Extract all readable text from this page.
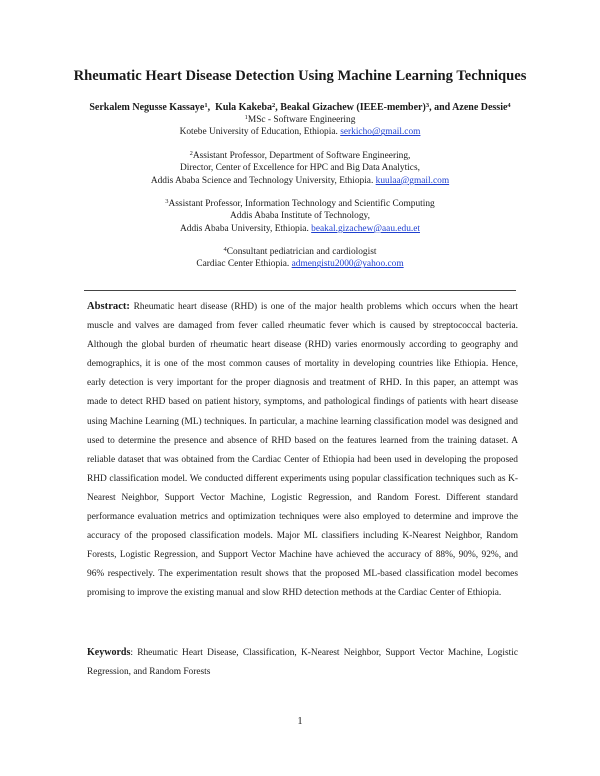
Rheumatic Heart Disease Detection Using Machine Learning Techniques
Serkalem Negusse Kassaye$^1$,  Kula Kakeba$^2$, Beakal Gizachew (IEEE-member)$^3$, and Azene Dessie$^4$
$^1$MSc - Software Engineering
Kotebe University of Education, Ethiopia. serkicho@gmail.com
$^2$Assistant Professor, Department of Software Engineering,
Director, Center of Excellence for HPC and Big Data Analytics,
Addis Ababa Science and Technology University, Ethiopia. kuulaa@gmail.com
$^3$Assistant Professor, Information Technology and Scientific Computing
Addis Ababa Institute of Technology,
Addis Ababa University, Ethiopia. beakal.gizachew@aau.edu.et
$^4$Consultant pediatrician and cardiologist
Cardiac Center Ethiopia. admengistu2000@yahoo.com

Abstract: Rheumatic heart disease (RHD) is one of the major health problems which occurs when the heart muscle and valves are damaged from fever called rheumatic fever which is caused by streptococcal bacteria. Although the global burden of rheumatic heart disease (RHD) varies enormously according to geography and demographics, it is one of the most common causes of mortality in developing countries like Ethiopia. Hence, early detection is very important for the proper diagnosis and treatment of RHD. In this paper, an attempt was made to detect RHD based on patient history, symptoms, and pathological findings of patients with heart disease using Machine Learning (ML) techniques. In particular, a machine learning classification model was designed and used to determine the presence and absence of RHD based on the features learned from the training dataset. A reliable dataset that was obtained from the Cardiac Center of Ethiopia had been used in developing the proposed RHD classification model. We conducted different experiments using popular classification techniques such as K-Nearest Neighbor, Support Vector Machine, Logistic Regression, and Random Forest. Different standard performance evaluation metrics and optimization techniques were also employed to determine and improve the accuracy of the proposed classification models. Major ML classifiers including K-Nearest Neighbor, Random Forests, Logistic Regression, and Support Vector Machine have achieved the accuracy of 88%, 90%, 92%, and 96% respectively. The experimentation result shows that the proposed ML-based classification model becomes promising to improve the existing manual and slow RHD detection methods at the Cardiac Center of Ethiopia.

Keywords: Rheumatic Heart Disease, Classification, K-Nearest Neighbor, Support Vector Machine, Logistic Regression, and Random Forests

1
